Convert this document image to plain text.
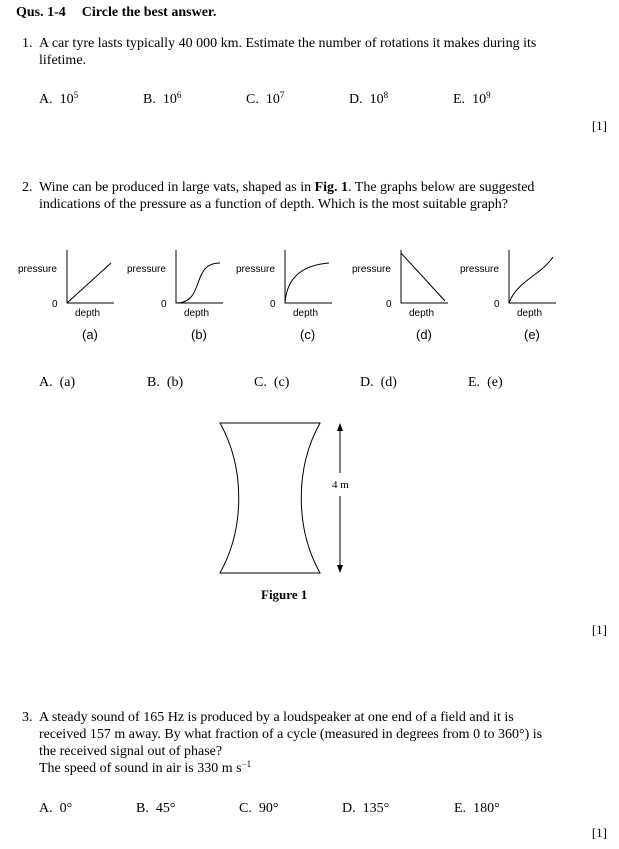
Qus. 1-4 Circle the best answer.
1. A car tyre lasts typically 40 000 km. Estimate the number of rotations it makes during its
lifetime.
A. $10^5$	B. $10^6$	C. $10^7$	D. $10^8$	E. $10^9$
[1]
2. Wine can be produced in large vats, shaped as in Fig. 1. The graphs below are suggested
indications of the pressure as a function of depth. Which is the most suitable graph?
pressure
0
depth
(a)
pressure
0
depth
(b)
pressure
0
depth
(c)
pressure
0
depth
(d)
pressure
0
depth
(e)
A. (a)	B. (b)	C. (c)	D. (d)	E. (e)
4 m
Figure 1
[1]
3. A steady sound of 165 Hz is produced by a loudspeaker at one end of a field and it is
received 157 m away. By what fraction of a cycle (measured in degrees from 0 to 360°) is
the received signal out of phase?
The speed of sound in air is 330 m $s^{-1}$
A. 0°	B. 45°	C. 90°	D. 135°	E. 180°
[1]
